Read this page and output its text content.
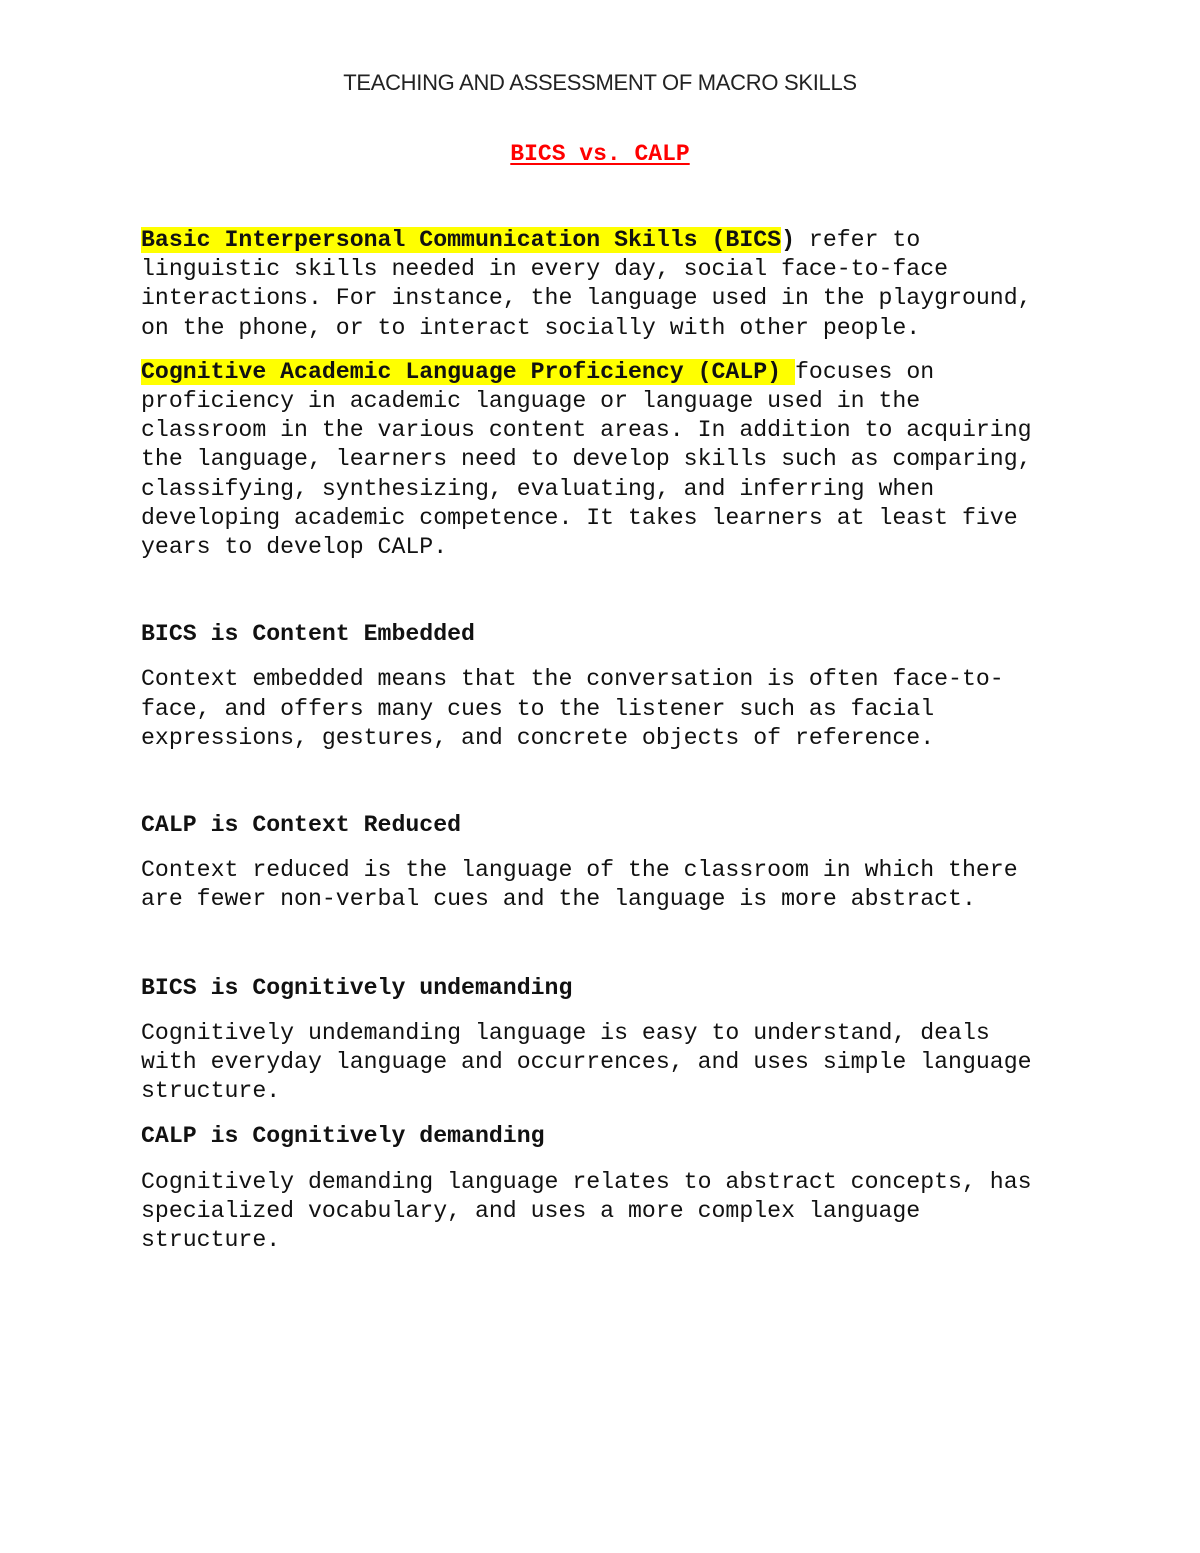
TEACHING AND ASSESSMENT OF MACRO SKILLS
BICS vs. CALP

Basic Interpersonal Communication Skills (BICS) refer to
linguistic skills needed in every day, social face-to-face
interactions. For instance, the language used in the playground,
on the phone, or to interact socially with other people.

Cognitive Academic Language Proficiency (CALP) focuses on
proficiency in academic language or language used in the
classroom in the various content areas. In addition to acquiring
the language, learners need to develop skills such as comparing,
classifying, synthesizing, evaluating, and inferring when
developing academic competence. It takes learners at least five
years to develop CALP.

BICS is Content Embedded

Context embedded means that the conversation is often face-to-
face, and offers many cues to the listener such as facial
expressions, gestures, and concrete objects of reference.

CALP is Context Reduced

Context reduced is the language of the classroom in which there
are fewer non-verbal cues and the language is more abstract.

BICS is Cognitively undemanding

Cognitively undemanding language is easy to understand, deals
with everyday language and occurrences, and uses simple language
structure.

CALP is Cognitively demanding

Cognitively demanding language relates to abstract concepts, has
specialized vocabulary, and uses a more complex language
structure.
